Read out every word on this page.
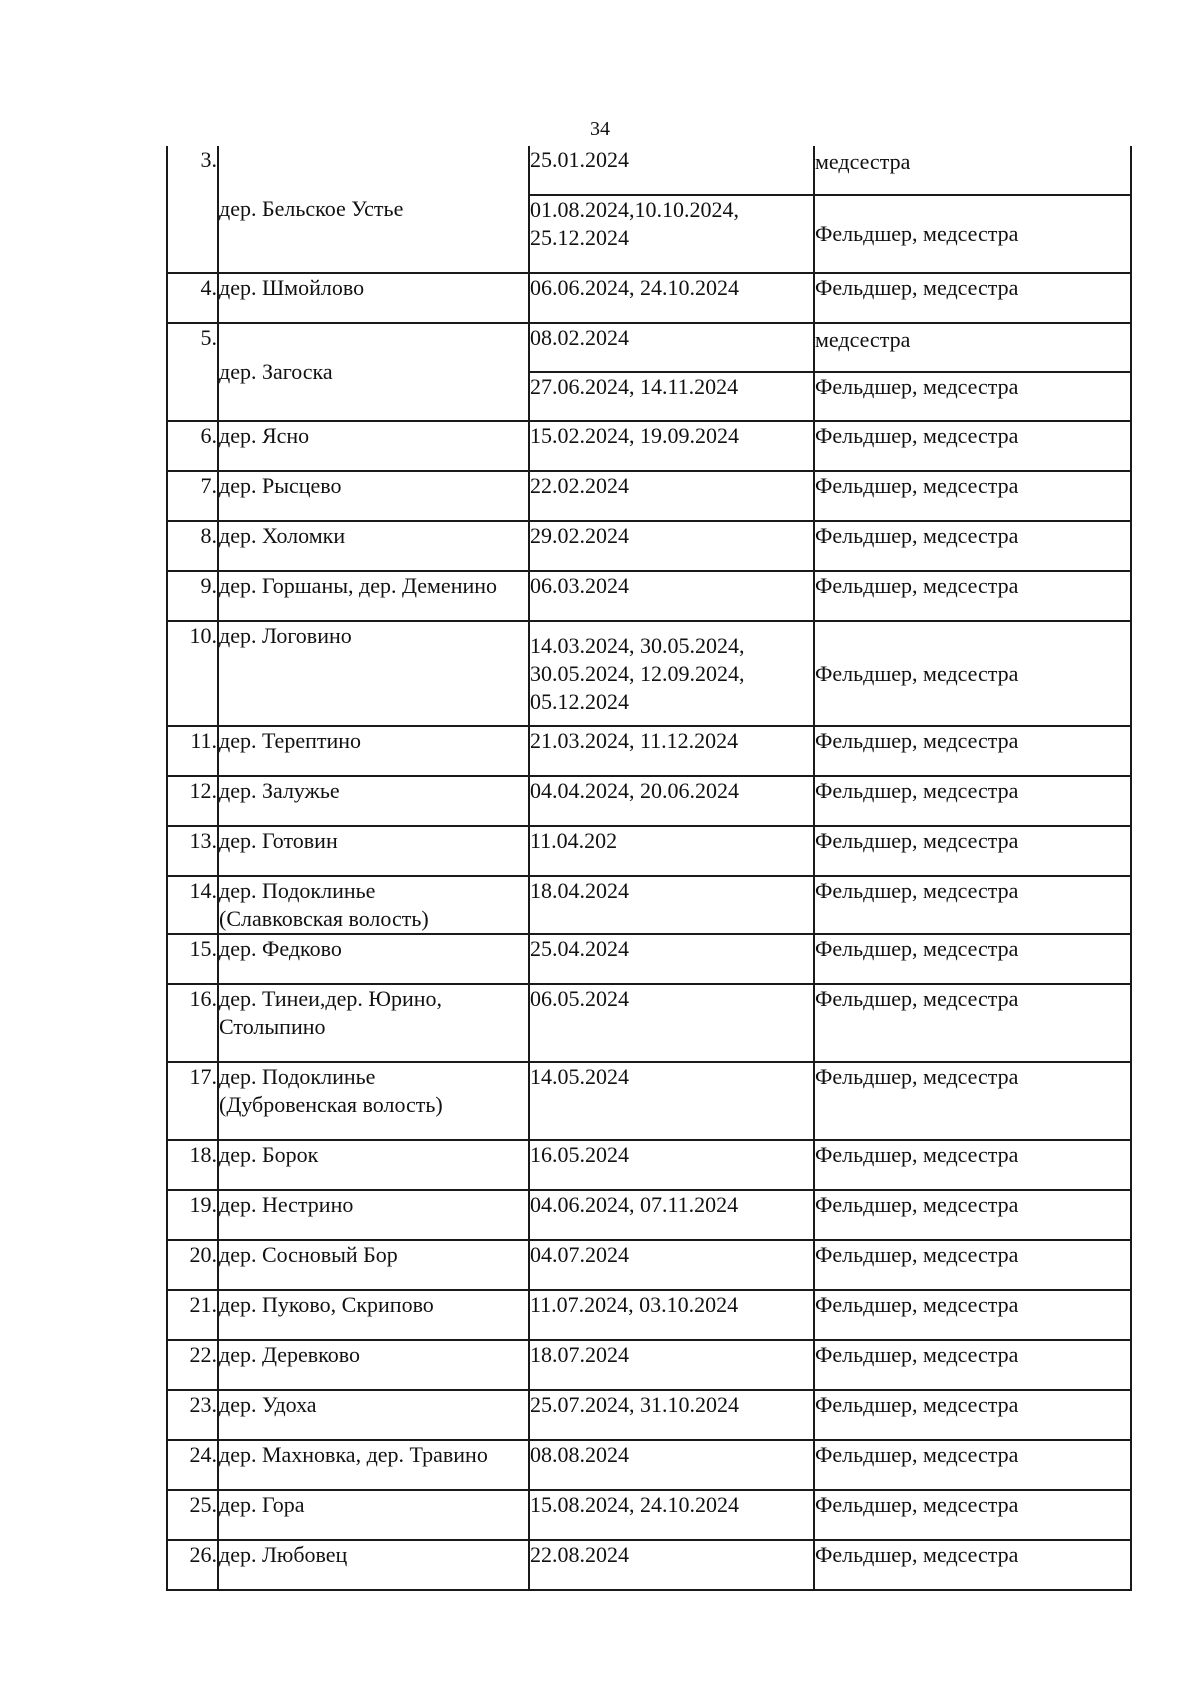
34
3.	дер. Бельское Устье	25.01.2024	медсестра

		01.08.2024,10.10.2024,
25.12.2024	Фельдшер, медсестра
4.	дер. Шмойлово	06.06.2024, 24.10.2024	Фельдшер, медсестра
5.	дер. Загоска	08.02.2024	медсестра

		27.06.2024, 14.11.2024	Фельдшер, медсестра
6.	дер. Ясно	15.02.2024, 19.09.2024	Фельдшер, медсестра
7.	дер. Рысцево	22.02.2024	Фельдшер, медсестра
8.	дер. Холомки	29.02.2024	Фельдшер, медсестра
9.	дер. Горшаны, дер. Деменино	06.03.2024	Фельдшер, медсестра
10.	дер. Логовино	14.03.2024, 30.05.2024,
30.05.2024, 12.09.2024,
05.12.2024	Фельдшер, медсестра
11.	дер. Терептино	21.03.2024, 11.12.2024	Фельдшер, медсестра
12.	дер. Залужье	04.04.2024, 20.06.2024	Фельдшер, медсестра
13.	дер. Готовин	11.04.202	Фельдшер, медсестра
14.	дер. Подоклинье
(Славковская волость)	18.04.2024	Фельдшер, медсестра
15.	дер. Федково	25.04.2024	Фельдшер, медсестра
16.	дер. Тинеи,дер. Юрино,
Столыпино	06.05.2024	Фельдшер, медсестра
17.	дер. Подоклинье
(Дубровенская волость)	14.05.2024	Фельдшер, медсестра
18.	дер. Борок	16.05.2024	Фельдшер, медсестра
19.	дер. Нестрино	04.06.2024, 07.11.2024	Фельдшер, медсестра
20.	дер. Сосновый Бор	04.07.2024	Фельдшер, медсестра
21.	дер. Пуково, Скрипово	11.07.2024, 03.10.2024	Фельдшер, медсестра
22.	дер. Деревково	18.07.2024	Фельдшер, медсестра
23.	дер. Удоха	25.07.2024, 31.10.2024	Фельдшер, медсестра
24.	дер. Махновка, дер. Травино	08.08.2024	Фельдшер, медсестра
25.	дер. Гора	15.08.2024, 24.10.2024	Фельдшер, медсестра
26.	дер. Любовец	22.08.2024	Фельдшер, медсестра
